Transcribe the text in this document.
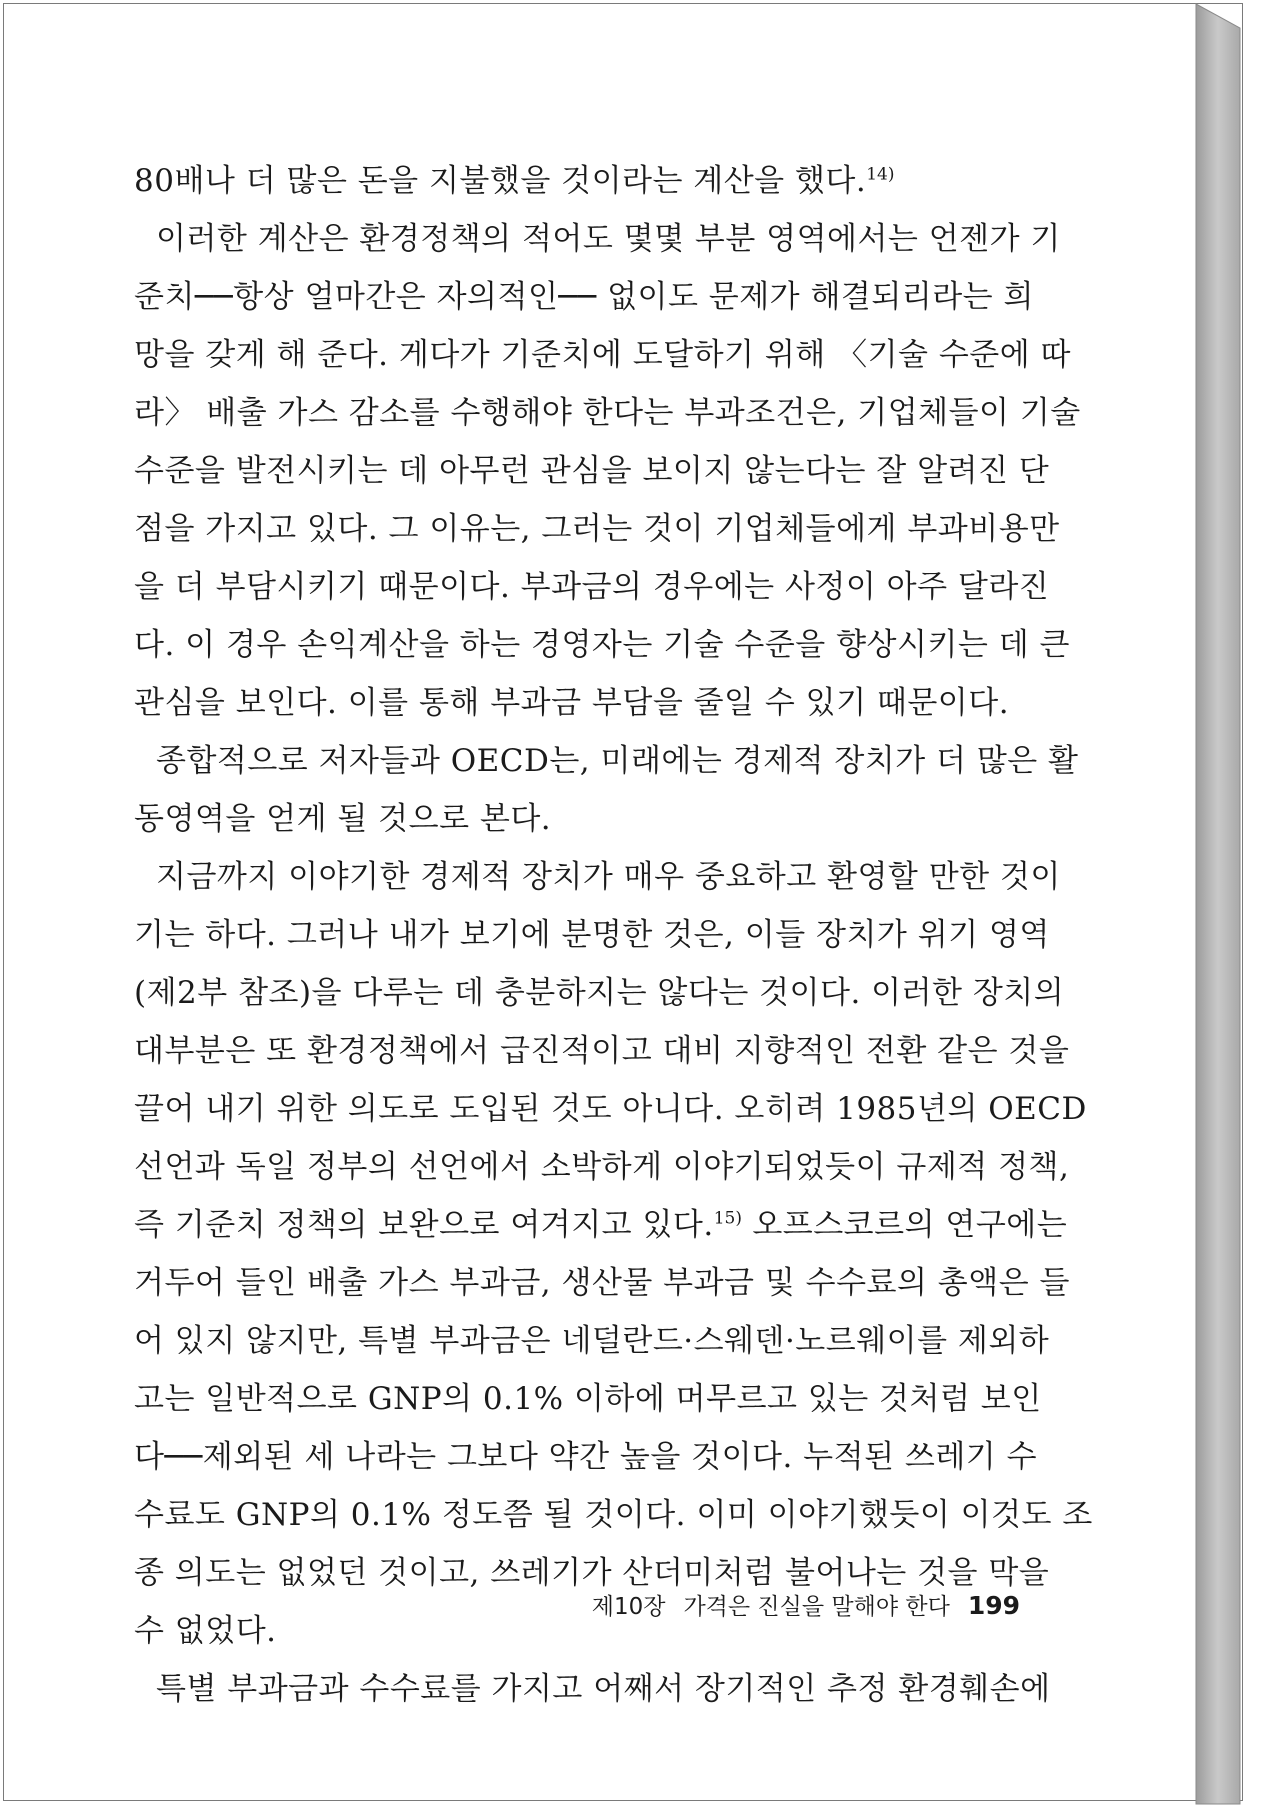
80배나 더 많은 돈을 지불했을 것이라는 계산을 했다.$^{14)}$
이러한 계산은 환경정책의 적어도 몇몇 부분 영역에서는 언젠가 기
준치──항상 얼마간은 자의적인── 없이도 문제가 해결되리라는 희
망을 갖게 해 준다. 게다가 기준치에 도달하기 위해 〈기술 수준에 따
라〉 배출 가스 감소를 수행해야 한다는 부과조건은, 기업체들이 기술
수준을 발전시키는 데 아무런 관심을 보이지 않는다는 잘 알려진 단
점을 가지고 있다. 그 이유는, 그러는 것이 기업체들에게 부과비용만
을 더 부담시키기 때문이다. 부과금의 경우에는 사정이 아주 달라진
다. 이 경우 손익계산을 하는 경영자는 기술 수준을 향상시키는 데 큰
관심을 보인다. 이를 통해 부과금 부담을 줄일 수 있기 때문이다.
종합적으로 저자들과 OECD는, 미래에는 경제적 장치가 더 많은 활
동영역을 얻게 될 것으로 본다.
지금까지 이야기한 경제적 장치가 매우 중요하고 환영할 만한 것이
기는 하다. 그러나 내가 보기에 분명한 것은, 이들 장치가 위기 영역
(제2부 참조)을 다루는 데 충분하지는 않다는 것이다. 이러한 장치의
대부분은 또 환경정책에서 급진적이고 대비 지향적인 전환 같은 것을
끌어 내기 위한 의도로 도입된 것도 아니다. 오히려 1985년의 OECD
선언과 독일 정부의 선언에서 소박하게 이야기되었듯이 규제적 정책,
즉 기준치 정책의 보완으로 여겨지고 있다.$^{15)}$ 오프스코르의 연구에는
거두어 들인 배출 가스 부과금, 생산물 부과금 및 수수료의 총액은 들
어 있지 않지만, 특별 부과금은 네덜란드·스웨덴·노르웨이를 제외하
고는 일반적으로 GNP의 0.1% 이하에 머무르고 있는 것처럼 보인
다──제외된 세 나라는 그보다 약간 높을 것이다. 누적된 쓰레기 수
수료도 GNP의 0.1% 정도쯤 될 것이다. 이미 이야기했듯이 이것도 조
종 의도는 없었던 것이고, 쓰레기가 산더미처럼 불어나는 것을 막을
수 없었다.
특별 부과금과 수수료를 가지고 어째서 장기적인 추정 환경훼손에
제10장 가격은 진실을 말해야 한다 199
